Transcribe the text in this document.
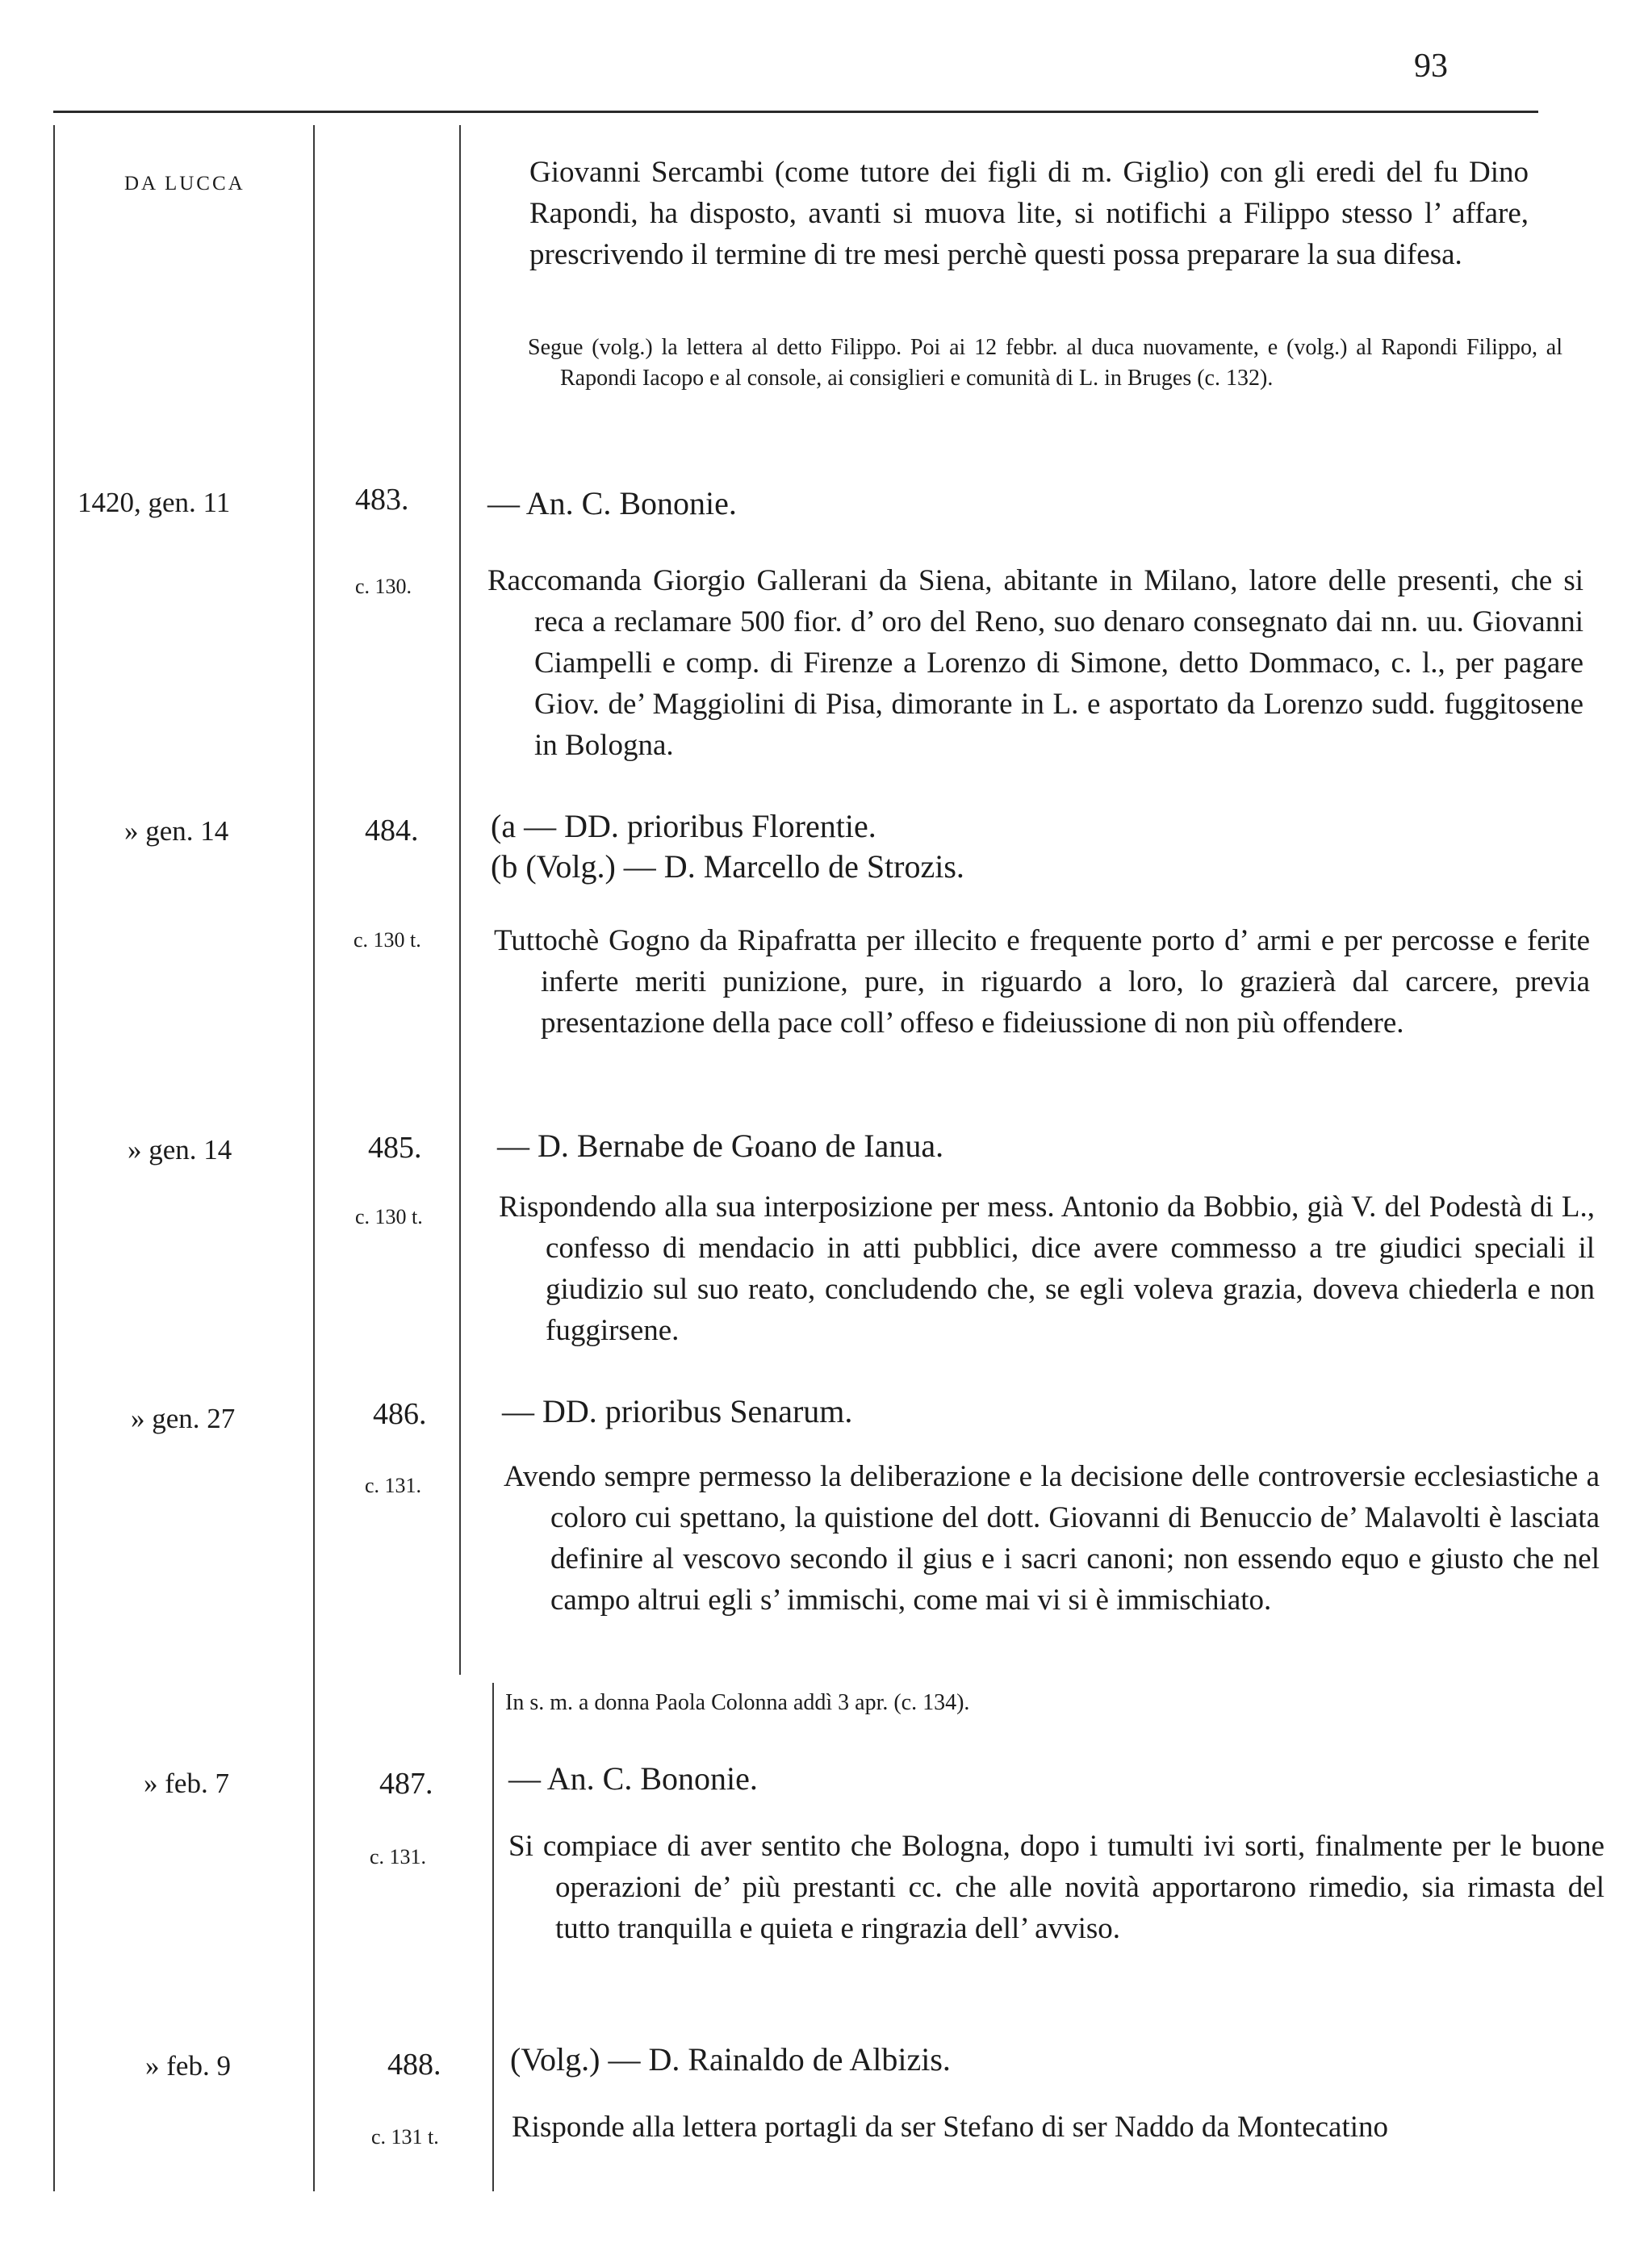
93
DA LUCCA	Giovanni Sercambi (come tutore dei figli di m. Giglio) con gli eredi del fu Dino Rapondi, ha disposto, avanti si muova lite, si notifichi a Filippo stesso l’ affare, prescrivendo il termine di tre mesi perchè questi possa preparare la sua difesa.

Segue (volg.) la lettera al detto Filippo. Poi ai 12 febbr. al duca nuovamente, e (volg.) al Rapondi Filippo, al Rapondi Iacopo e al console, ai consiglieri e comunità di L. in Bruges (c. 132).

1420, gen. 11	483. — An. C. Bononie.
c. 130.	Raccomanda Giorgio Gallerani da Siena, abitante in Milano, latore delle presenti, che si reca a reclamare 500 fior. d’ oro del Reno, suo denaro consegnato dai nn. uu. Giovanni Ciampelli e comp. di Firenze a Lorenzo di Simone, detto Dommaco, c. l., per pagare Giov. de’ Maggiolini di Pisa, dimorante in L. e asportato da Lorenzo sudd. fuggitosene in Bologna.

» gen. 14	484. (a — DD. prioribus Florentie.
(b (Volg.) — D. Marcello de Strozis.
c. 130 t. Tuttochè Gogno da Ripafratta per illecito e frequente porto d’ armi e per percosse e ferite inferte meriti punizione, pure, in riguardo a loro, lo grazierà dal carcere, previa presentazione della pace coll’ offeso e fideiussione di non più offendere.

» gen. 14	485. — D. Bernabe de Goano de Ianua.
c. 130 t.	Rispondendo alla sua interposizione per mess. Antonio da Bobbio, già V. del Podestà di L., confesso di mendacio in atti pubblici, dice avere commesso a tre giudici speciali il giudizio sul suo reato, concludendo che, se egli voleva grazia, doveva chiederla e non fuggirsene.

» gen. 27	486. — DD. prioribus Senarum.
c. 131.	Avendo sempre permesso la deliberazione e la decisione delle controversie ecclesiastiche a coloro cui spettano, la quistione del dott. Giovanni di Benuccio de’ Malavolti è lasciata definire al vescovo secondo il gius e i sacri canoni; non essendo equo e giusto che nel campo altrui egli s’ immischi, come mai vi si è immischiato.

In s. m. a donna Paola Colonna addì 3 apr. (c. 134).

» feb. 7	487. — An. C. Bononie.
c. 131.	Si compiace di aver sentito che Bologna, dopo i tumulti ivi sorti, finalmente per le buone operazioni de’ più prestanti cc. che alle novità apportarono rimedio, sia rimasta del tutto tranquilla e quieta e ringrazia dell’ avviso.

» feb. 9	488. (Volg.) — D. Rainaldo de Albizis.
c. 131 t. Risponde alla lettera portagli da ser Stefano di ser Naddo da Montecatino
